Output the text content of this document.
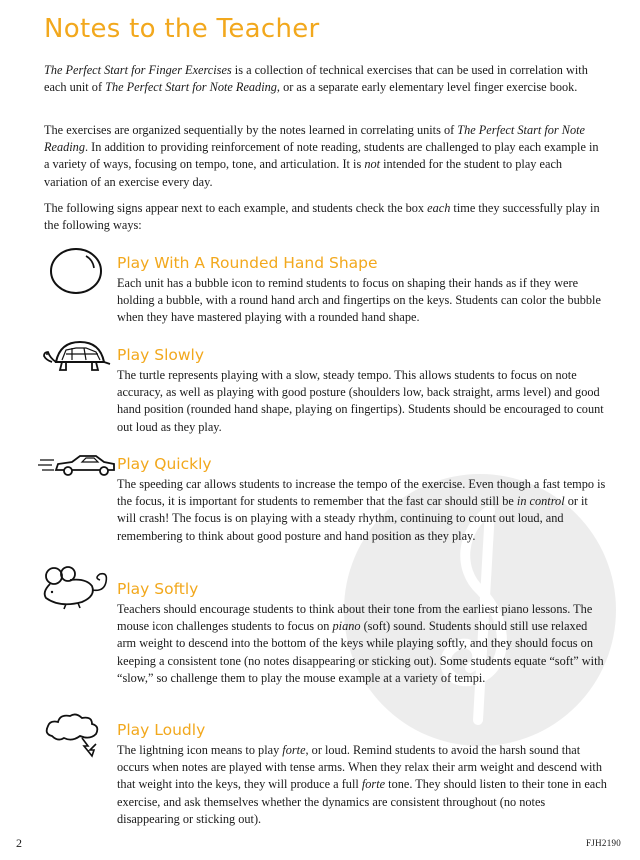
Notes to the Teacher

The Perfect Start for Finger Exercises is a collection of technical exercises that can be used in correlation with each unit of The Perfect Start for Note Reading, or as a separate early elementary level finger exercise book.

The exercises are organized sequentially by the notes learned in correlating units of The Perfect Start for Note Reading. In addition to providing reinforcement of note reading, students are challenged to play each example in a variety of ways, focusing on tempo, tone, and articulation. It is not intended for the student to play each variation of an exercise every day.

The following signs appear next to each example, and students check the box each time they successfully play in the following ways:

Play With A Rounded Hand Shape

Each unit has a bubble icon to remind students to focus on shaping their hands as if they were holding a bubble, with a round hand arch and fingertips on the keys. Students can color the bubble when they have mastered playing with a rounded hand shape.

Play Slowly

The turtle represents playing with a slow, steady tempo. This allows students to focus on note accuracy, as well as playing with good posture (shoulders low, back straight, arms level) and good hand position (rounded hand shape, playing on fingertips). Students should be encouraged to count out loud as they play.

Play Quickly

The speeding car allows students to increase the tempo of the exercise. Even though a fast tempo is the focus, it is important for students to remember that the fast car should still be in control or it will crash! The focus is on playing with a steady rhythm, continuing to count out loud, and remembering to think about good posture and hand position as they play.

Play Softly

Teachers should encourage students to think about their tone from the earliest piano lessons. The mouse icon challenges students to focus on piano (soft) sound. Students should still use relaxed arm weight to descend into the bottom of the keys while playing softly, and they should focus on keeping a consistent tone (no notes disappearing or sticking out). Some students equate “soft” with “slow,” so challenge them to play the mouse example at a variety of tempi.

Play Loudly

The lightning icon means to play forte, or loud. Remind students to avoid the harsh sound that occurs when notes are played with tense arms. When they relax their arm weight and descend with that weight into the keys, they will produce a full forte tone. They should listen to their tone in each exercise, and ask themselves whether the dynamics are consistent throughout (no notes disappearing or sticking out).

2	FJH2190
